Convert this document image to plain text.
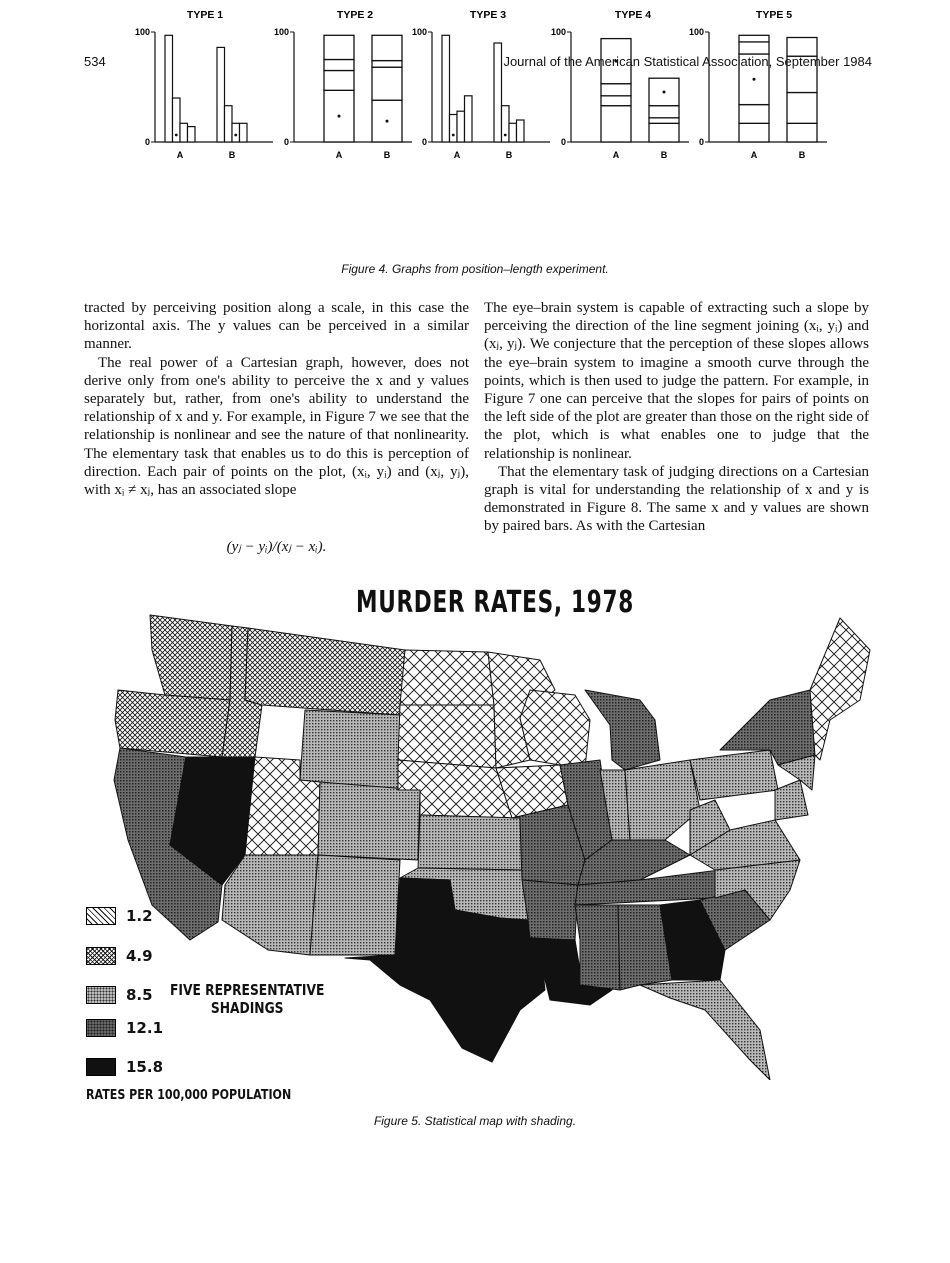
534	Journal of the American Statistical Association, September 1984
TYPE 1
100
0
A	B
TYPE 2
100
0
A	B
TYPE 3
100
0
A	B
TYPE 4
100
0
A	B
TYPE 5
100
0
A	B
Figure 4. Graphs from position–length experiment.

tracted by perceiving position along a scale, in this case the horizontal axis. The y values can be perceived in a similar manner.

The real power of a Cartesian graph, however, does not derive only from one's ability to perceive the x and y values separately but, rather, from one's ability to understand the relationship of x and y. For example, in Figure 7 we see that the relationship is nonlinear and see the nature of that nonlinearity. The elementary task that enables us to do this is perception of direction. Each pair of points on the plot, (xᵢ, yᵢ) and (xⱼ, yⱼ), with xᵢ ≠ xⱼ, has an associated slope

(yⱼ − yᵢ)/(xⱼ − xᵢ).

The eye–brain system is capable of extracting such a slope by perceiving the direction of the line segment joining (xᵢ, yᵢ) and (xⱼ, yⱼ). We conjecture that the perception of these slopes allows the eye–brain system to imagine a smooth curve through the points, which is then used to judge the pattern. For example, in Figure 7 one can perceive that the slopes for pairs of points on the left side of the plot are greater than those on the right side of the plot, which is what enables one to judge that the relationship is nonlinear.

That the elementary task of judging directions on a Cartesian graph is vital for understanding the relationship of x and y is demonstrated in Figure 8. The same x and y values are shown by paired bars. As with the Cartesian

MURDER RATES, 1978
1.2
4.9
8.5
12.1
15.8
FIVE REPRESENTATIVE
SHADINGS
RATES PER 100,000 POPULATION
Figure 5. Statistical map with shading.
